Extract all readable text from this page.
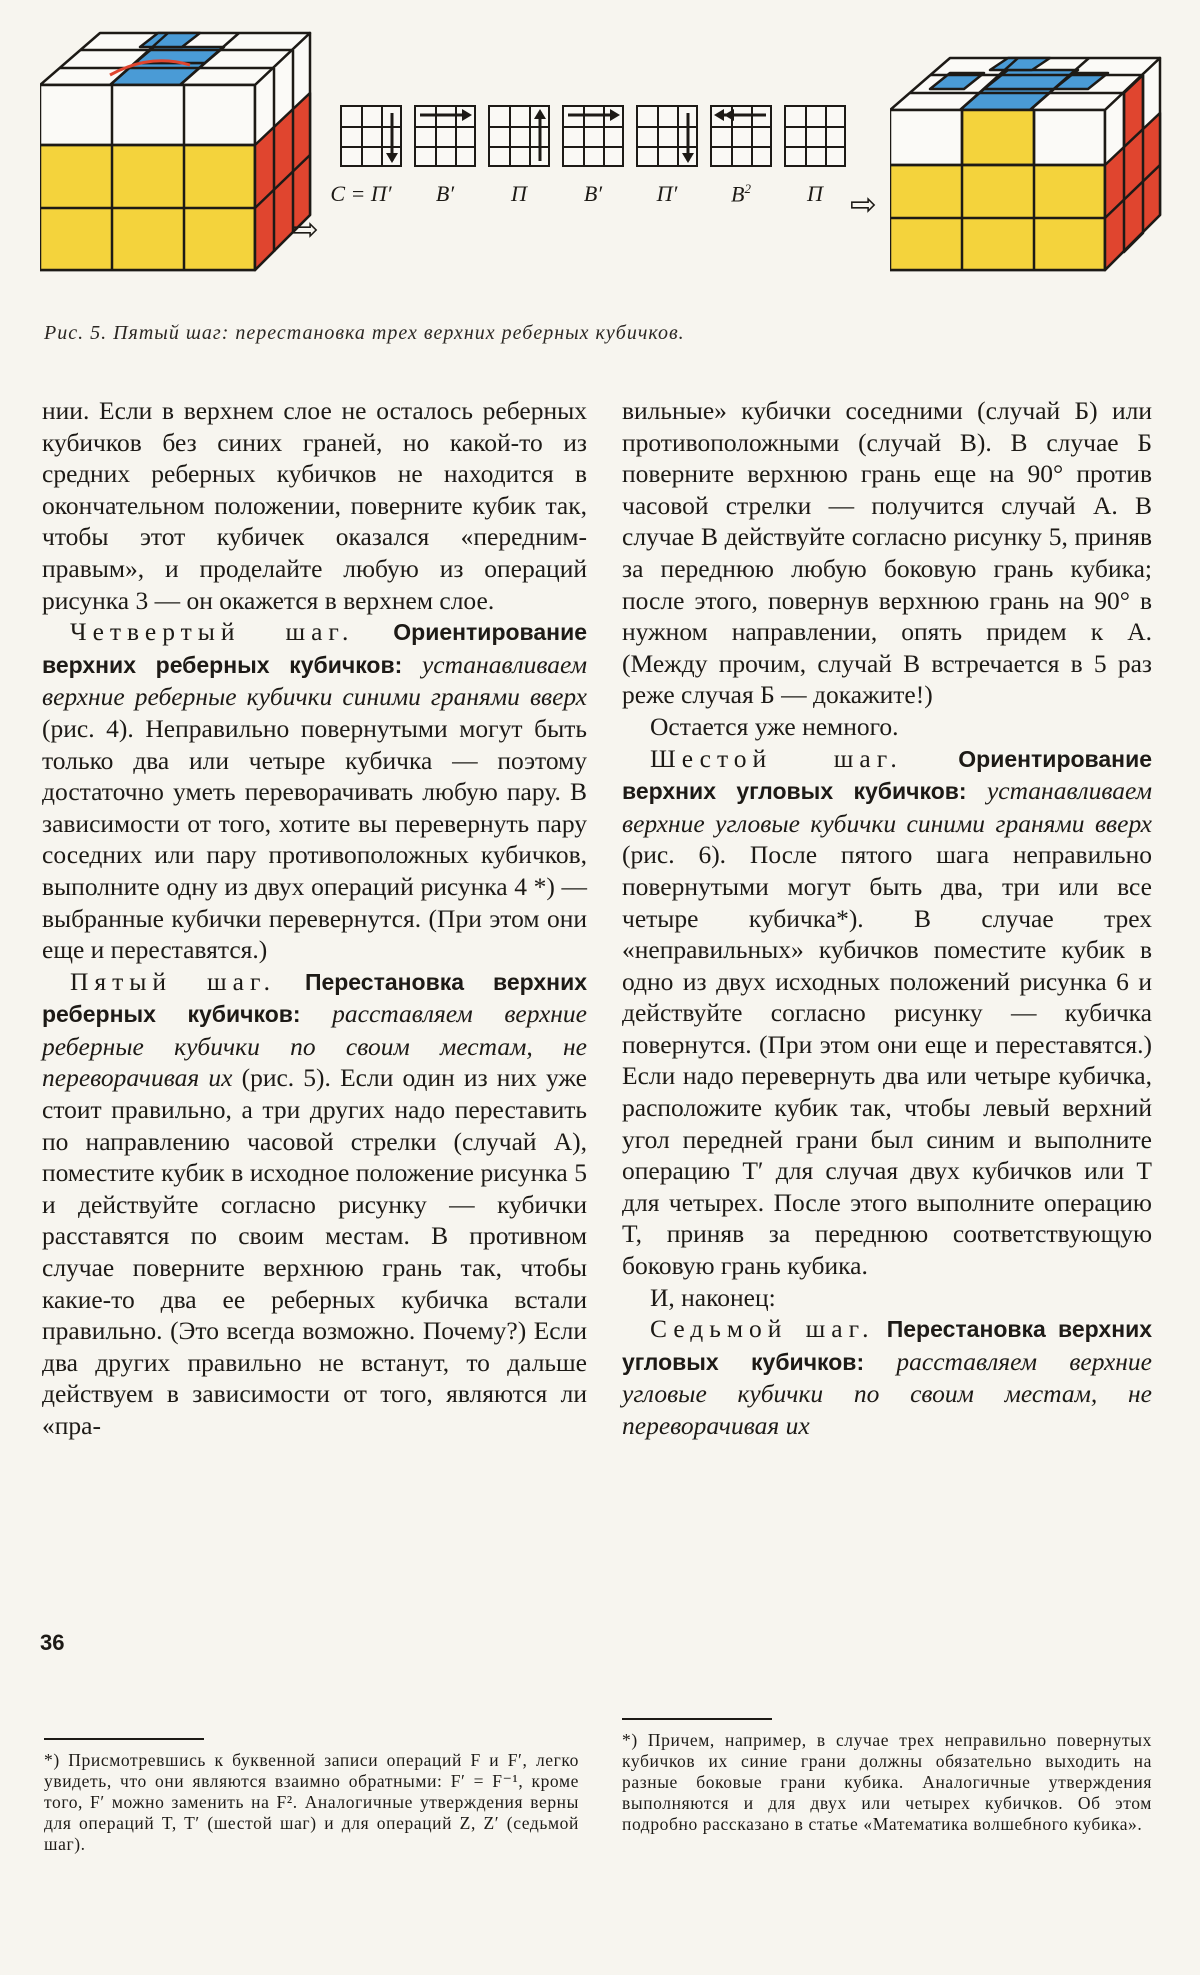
⇨
С = П′	В′	П	В′	П′	$В^2$	П ⇨
Рис. 5. Пятый шаг: перестановка трех верхних реберных кубичков.

нии. Если в верхнем слое не осталось реберных кубичков без синих граней, но какой-то из средних реберных кубичков не находится в окончательном положении, поверните кубик так, чтобы этот кубичек оказался «передним-правым», и проделайте любую из операций рисунка 3 — он окажется в верхнем слое.

Четвертый шаг. Ориентирование верхних реберных кубичков: устанавливаем верхние реберные кубички синими гранями вверх (рис. 4). Неправильно повернутыми могут быть только два или четыре кубичка — поэтому достаточно уметь переворачивать любую пару. В зависимости от того, хотите вы перевернуть пару соседних или пару противоположных кубичков, выполните одну из двух операций рисунка 4 *) — выбранные кубички перевернутся. (При этом они еще и переставятся.)

Пятый шаг. Перестановка верхних реберных кубичков: расставляем верхние реберные кубички по своим местам, не переворачивая их (рис. 5). Если один из них уже стоит правильно, а три других надо переставить по направлению часовой стрелки (случай А), поместите кубик в исходное положение рисунка 5 и действуйте согласно рисунку — кубички расставятся по своим местам. В противном случае поверните верхнюю грань так, чтобы какие-то два ее реберных кубичка встали правильно. (Это всегда возможно. Почему?) Если два других правильно не встанут, то дальше действуем в зависимости от того, являются ли «пра-

вильные» кубички соседними (случай Б) или противоположными (случай В). В случае Б поверните верхнюю грань еще на 90° против часовой стрелки — получится случай А. В случае В действуйте согласно рисунку 5, приняв за переднюю любую боковую грань кубика; после этого, повернув верхнюю грань на 90° в нужном направлении, опять придем к А. (Между прочим, случай В встречается в 5 раз реже случая Б — докажите!)

Остается уже немного.

Шестой шаг. Ориентирование верхних угловых кубичков: устанавливаем верхние угловые кубички синими гранями вверх (рис. 6). После пятого шага неправильно повернутыми могут быть два, три или все четыре кубичка*). В случае трех «неправильных» кубичков поместите кубик в одно из двух исходных положений рисунка 6 и действуйте согласно рисунку — кубичка повернутся. (При этом они еще и переставятся.) Если надо перевернуть два или четыре кубичка, расположите кубик так, чтобы левый верхний угол передней грани был синим и выполните операцию T′ для случая двух кубичков или T для четырех. После этого выполните операцию T, приняв за переднюю соответствующую боковую грань кубика.

И, наконец:

Седьмой шаг. Перестановка верхних угловых кубичков: расставляем верхние угловые кубички по своим местам, не переворачивая их

*) Присмотревшись к буквенной записи операций F и F′, легко увидеть, что они являются взаимно обратными: F′ = F⁻¹, кроме того, F′ можно заменить на F². Аналогичные утверждения верны для операций T, T′ (шестой шаг) и для операций Z, Z′ (седьмой шаг).
*) Причем, например, в случае трех неправильно повернутых кубичков их синие грани должны обязательно выходить на разные боковые грани кубика. Аналогичные утверждения выполняются и для двух или четырех кубичков. Об этом подробно рассказано в статье «Математика волшебного кубика».
36
